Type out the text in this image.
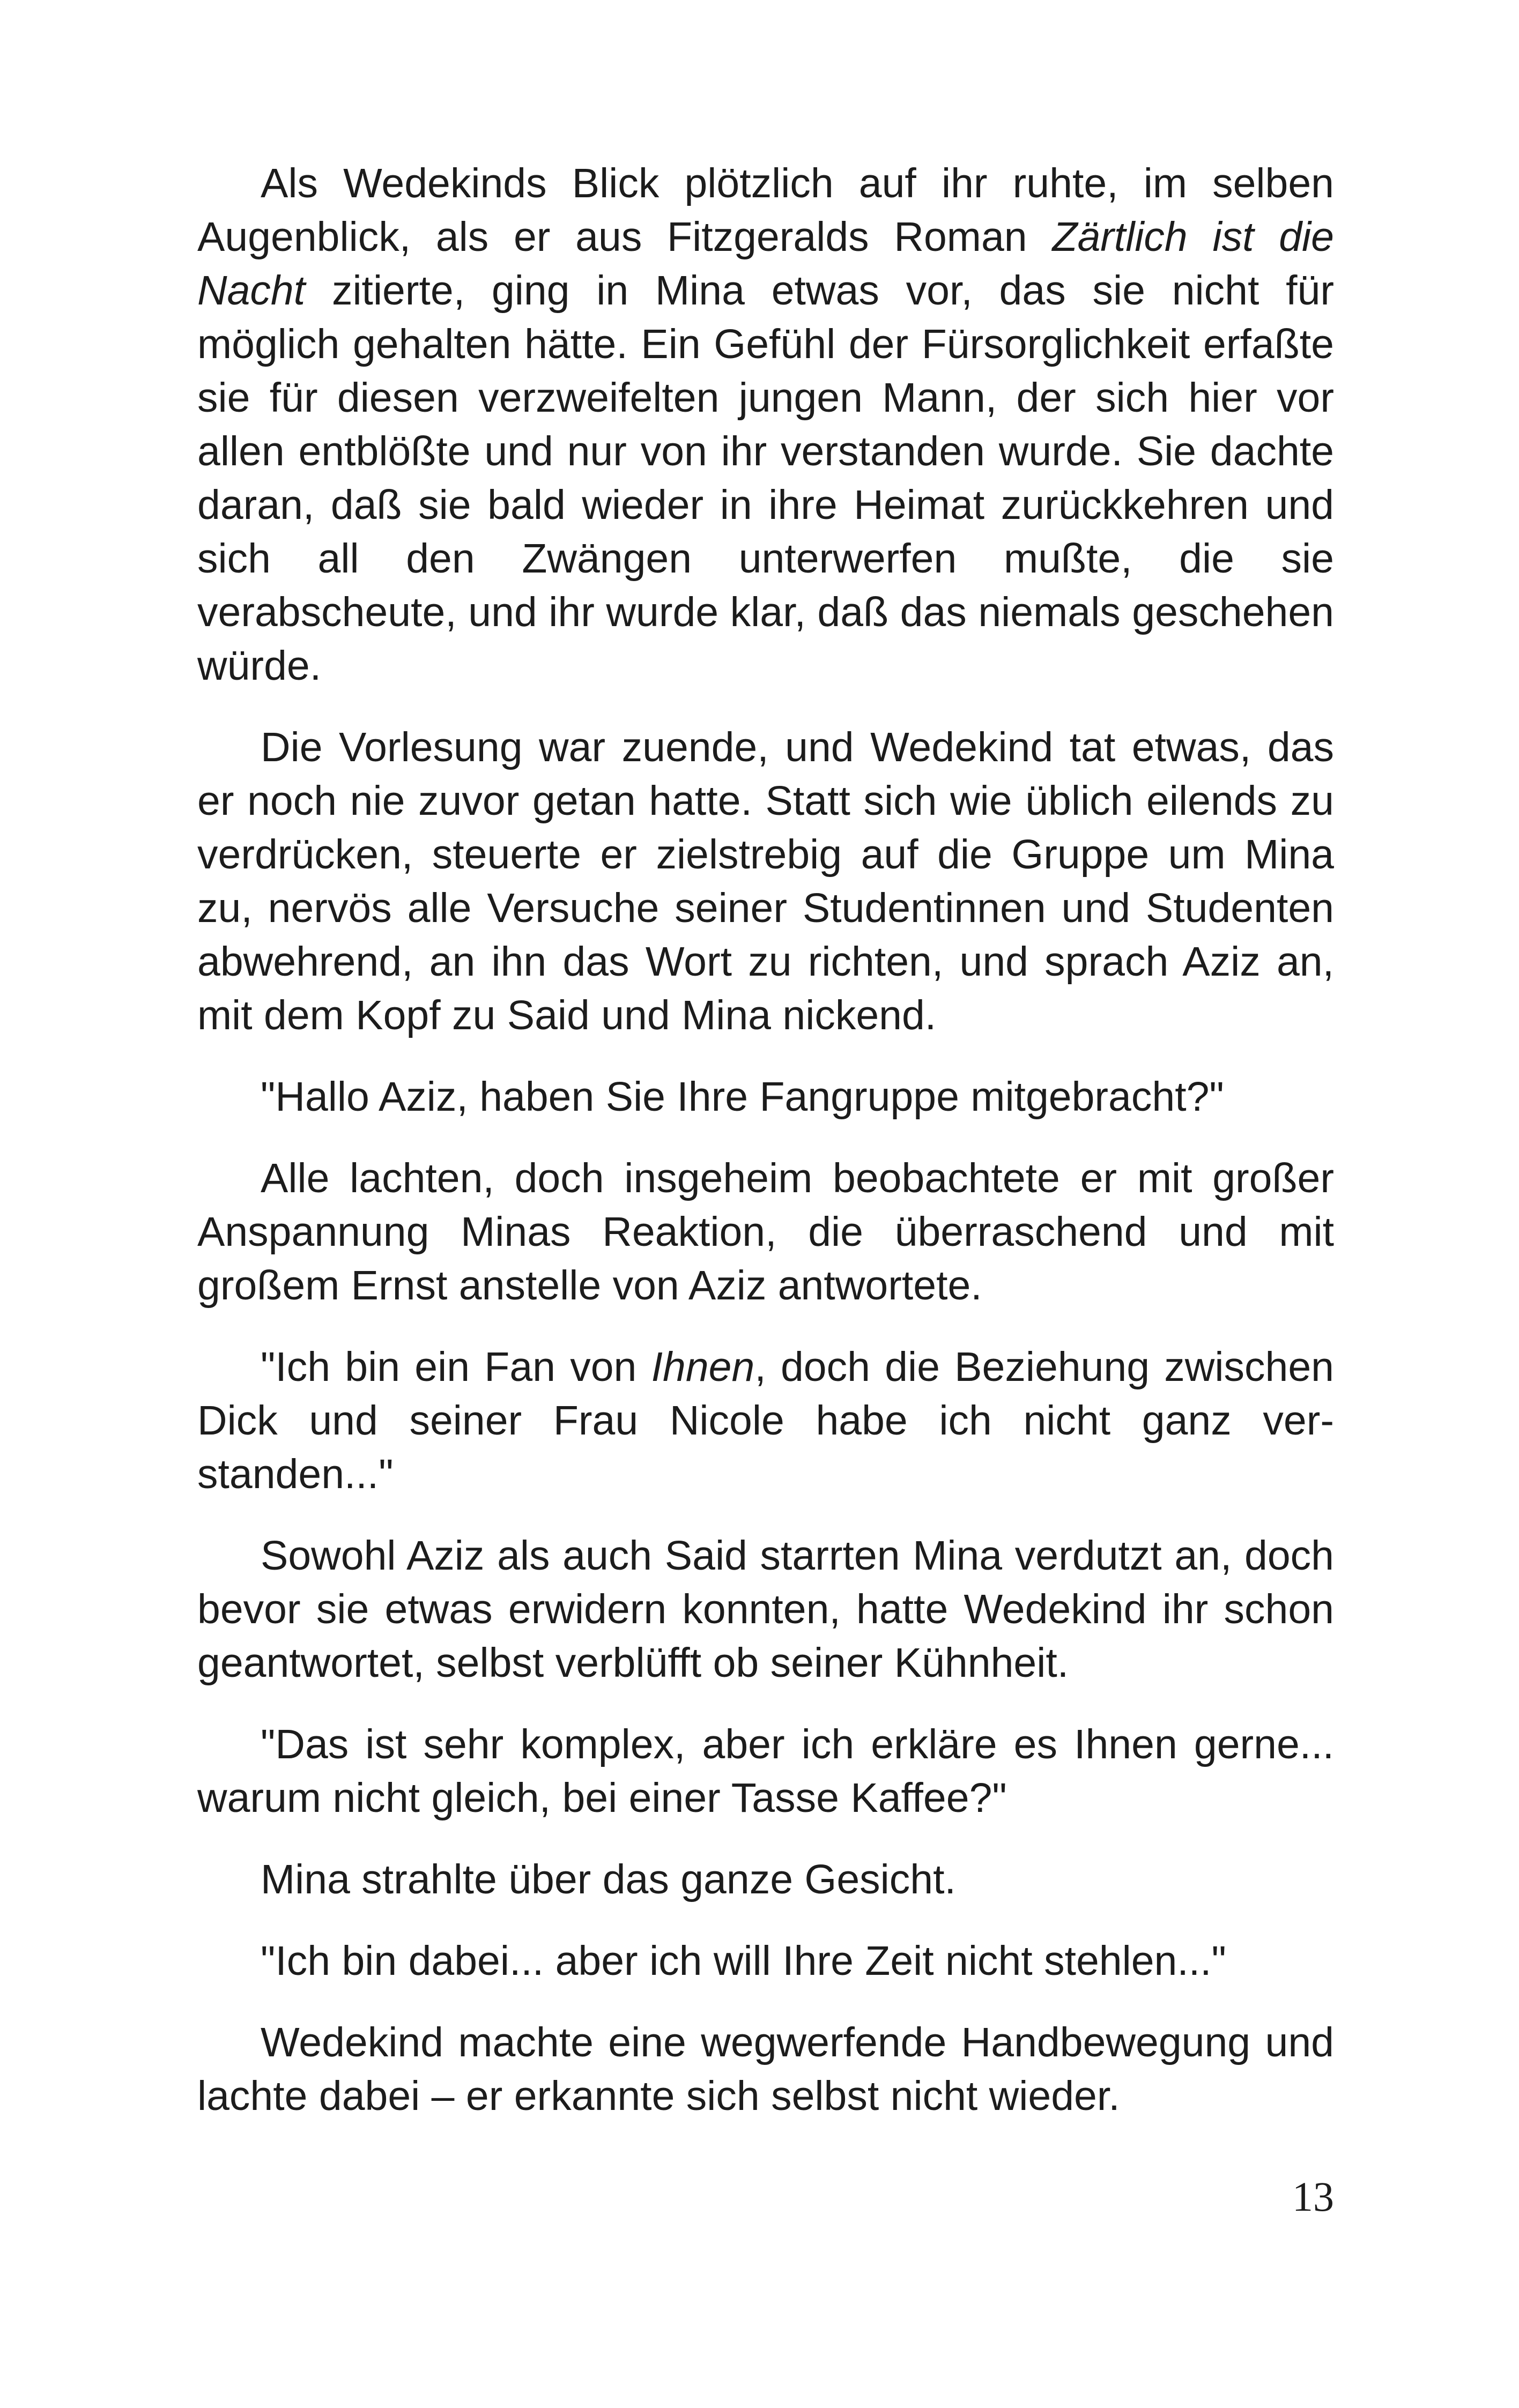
Als Wedekinds Blick plötzlich auf ihr ruhte, im selben Augenblick, als er aus Fitzgeralds Roman Zärtlich ist die Nacht zitierte, ging in Mina etwas vor, das sie nicht für möglich gehalten hätte. Ein Gefühl der Fürsorglichkeit erfaßte sie für diesen verzweifelten jungen Mann, der sich hier vor allen entblößte und nur von ihr verstanden wurde. Sie dachte daran, daß sie bald wieder in ihre Heimat zurückkehren und sich all den Zwängen unterwerfen mußte, die sie verabscheute, und ihr wurde klar, daß das niemals geschehen würde.

Die Vorlesung war zuende, und Wedekind tat etwas, das er noch nie zuvor getan hatte. Statt sich wie üblich eilends zu verdrücken, steuerte er zielstrebig auf die Gruppe um Mina zu, nervös alle Versuche seiner Studentinnen und Studenten abwehrend, an ihn das Wort zu richten, und sprach Aziz an, mit dem Kopf zu Said und Mina nickend.

"Hallo Aziz, haben Sie Ihre Fangruppe mitgebracht?"

Alle lachten, doch insgeheim beobachtete er mit großer Anspannung Minas Reaktion, die überraschend und mit großem Ernst anstelle von Aziz antwortete.

"Ich bin ein Fan von Ihnen, doch die Beziehung zwischen Dick und seiner Frau Nicole habe ich nicht ganz verstanden..."

Sowohl Aziz als auch Said starrten Mina verdutzt an, doch bevor sie etwas erwidern konnten, hatte Wedekind ihr schon geantwortet, selbst verblüfft ob seiner Kühnheit.

"Das ist sehr komplex, aber ich erkläre es Ihnen gerne... warum nicht gleich, bei einer Tasse Kaffee?"

Mina strahlte über das ganze Gesicht.

"Ich bin dabei... aber ich will Ihre Zeit nicht stehlen..."

Wedekind machte eine wegwerfende Handbewegung und lachte dabei – er erkannte sich selbst nicht wieder.

13
